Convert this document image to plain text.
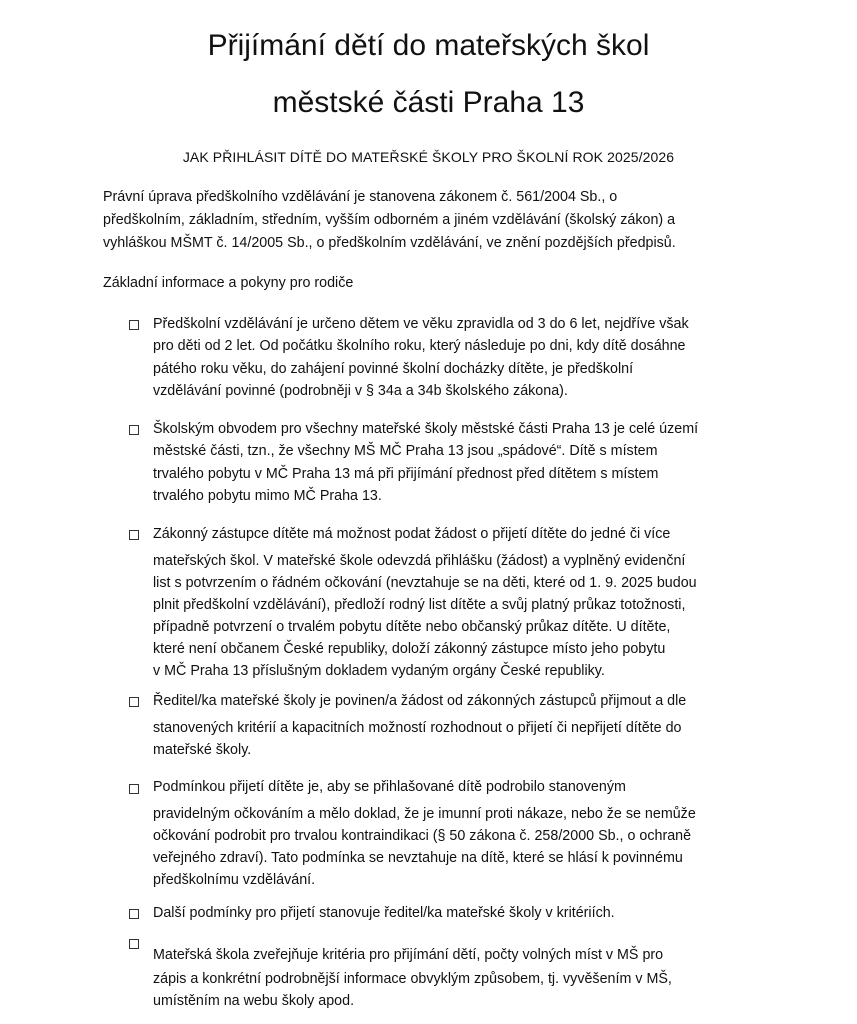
Přijímání dětí do mateřských škol
městské části Praha 13
JAK PŘIHLÁSIT DÍTĚ DO MATEŘSKÉ ŠKOLY PRO ŠKOLNÍ ROK 2025/2026
Právní úprava předškolního vzdělávání je stanovena zákonem č. 561/2004 Sb., o
předškolním, základním, středním, vyšším odborném a jiném vzdělávání (školský zákon) a
vyhláškou MŠMT č. 14/2005 Sb., o předškolním vzdělávání, ve znění pozdějších předpisů.
Základní informace a pokyny pro rodiče
Předškolní vzdělávání je určeno dětem ve věku zpravidla od 3 do 6 let, nejdříve však
pro děti od 2 let. Od počátku školního roku, který následuje po dni, kdy dítě dosáhne
pátého roku věku, do zahájení povinné školní docházky dítěte, je předškolní
vzdělávání povinné (podrobněji v § 34a a 34b školského zákona).
Školským obvodem pro všechny mateřské školy městské části Praha 13 je celé území
městské části, tzn., že všechny MŠ MČ Praha 13 jsou „spádové“. Dítě s místem
trvalého pobytu v MČ Praha 13 má při přijímání přednost před dítětem s místem
trvalého pobytu mimo MČ Praha 13.
Zákonný zástupce dítěte má možnost podat žádost o přijetí dítěte do jedné či více
mateřských škol. V mateřské škole odevzdá přihlášku (žádost) a vyplněný evidenční
list s potvrzením o řádném očkování (nevztahuje se na děti, které od 1. 9. 2025 budou
plnit předškolní vzdělávání), předloží rodný list dítěte a svůj platný průkaz totožnosti,
případně potvrzení o trvalém pobytu dítěte nebo občanský průkaz dítěte. U dítěte,
které není občanem České republiky, doloží zákonný zástupce místo jeho pobytu
v MČ Praha 13 příslušným dokladem vydaným orgány České republiky.
Ředitel/ka mateřské školy je povinen/a žádost od zákonných zástupců přijmout a dle
stanovených kritérií a kapacitních možností rozhodnout o přijetí či nepřijetí dítěte do
mateřské školy.
Podmínkou přijetí dítěte je, aby se přihlašované dítě podrobilo stanoveným
pravidelným očkováním a mělo doklad, že je imunní proti nákaze, nebo že se nemůže
očkování podrobit pro trvalou kontraindikaci (§ 50 zákona č. 258/2000 Sb., o ochraně
veřejného zdraví). Tato podmínka se nevztahuje na dítě, které se hlásí k povinnému
předškolnímu vzdělávání.
Další podmínky pro přijetí stanovuje ředitel/ka mateřské školy v kritériích.
Mateřská škola zveřejňuje kritéria pro přijímání dětí, počty volných míst v MŠ pro
zápis a konkrétní podrobnější informace obvyklým způsobem, tj. vyvěšením v MŠ,
umístěním na webu školy apod.
